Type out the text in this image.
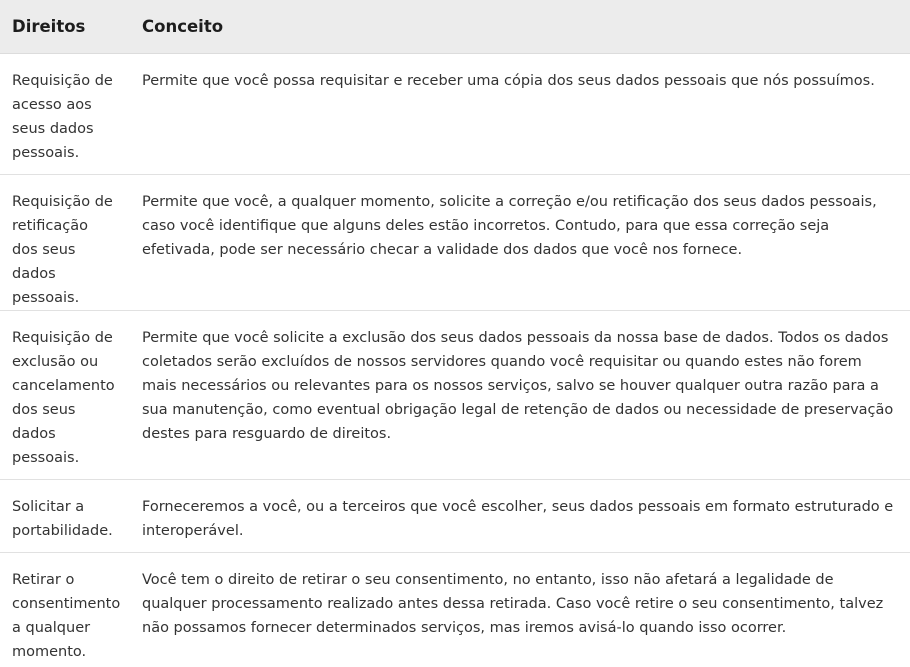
Direitos	Conceito
Requisição de acesso aos seus dados pessoais.	Permite que você possa requisitar e receber uma cópia dos seus dados pessoais que nós possuímos.
Requisição de retificação dos seus dados pessoais.	Permite que você, a qualquer momento, solicite a correção e/ou retificação dos seus dados pessoais, caso você identifique que alguns deles estão incorretos. Contudo, para que essa correção seja efetivada, pode ser necessário checar a validade dos dados que você nos fornece.
Requisição de exclusão ou cancelamento dos seus dados pessoais.	Permite que você solicite a exclusão dos seus dados pessoais da nossa base de dados. Todos os dados coletados serão excluídos de nossos servidores quando você requisitar ou quando estes não forem mais necessários ou relevantes para os nossos serviços, salvo se houver qualquer outra razão para a sua manutenção, como eventual obrigação legal de retenção de dados ou necessidade de preservação destes para resguardo de direitos.
Solicitar a portabilidade.	Forneceremos a você, ou a terceiros que você escolher, seus dados pessoais em formato estruturado e interoperável.
Retirar o consentimento a qualquer momento.	Você tem o direito de retirar o seu consentimento, no entanto, isso não afetará a legalidade de qualquer processamento realizado antes dessa retirada. Caso você retire o seu consentimento, talvez não possamos fornecer determinados serviços, mas iremos avisá-lo quando isso ocorrer.
